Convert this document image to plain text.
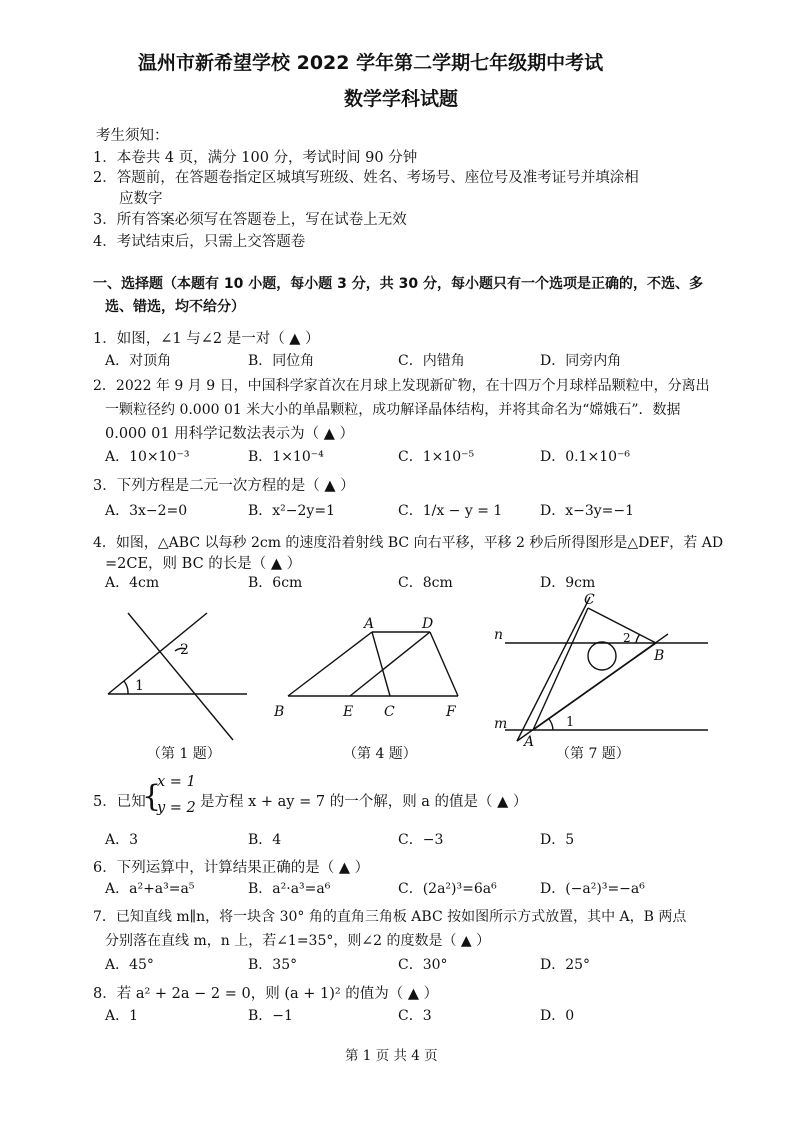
温州市新希望学校 2022 学年第二学期七年级期中考试
数学学科试题
考生须知：
1．本卷共 4 页，满分 100 分，考试时间 90 分钟
2．答题前，在答题卷指定区城填写班级、姓名、考场号、座位号及准考证号并填涂相
应数字
3．所有答案必须写在答题卷上，写在试卷上无效
4．考试结束后，只需上交答题卷
一、选择题（本题有 10 小题，每小题 3 分，共 30 分，每小题只有一个选项是正确的，不选、多
选、错选，均不给分）
1．如图，∠1 与∠2 是一对（ ▲ ）
A．对顶角	B．同位角	C．内错角	D．同旁内角
2．2022 年 9 月 9 日，中国科学家首次在月球上发现新矿物，在十四万个月球样品颗粒中，分离出
一颗粒径约 0.000 01 米大小的单晶颗粒，成功解译晶体结构，并将其命名为“嫦娥石”．数据
0.000 01 用科学记数法表示为（ ▲ ）
A．10×10⁻³	B．1×10⁻⁴	C．1×10⁻⁵	D．0.1×10⁻⁶
3．下列方程是二元一次方程的是（ ▲ ）
A．3x−2=0	B．x²−2y=1	C．1/x − y = 1	D．x−3y=−1
4．如图，△ABC 以每秒 2cm 的速度沿着射线 BC 向右平移，平移 2 秒后所得图形是△DEF，若 AD
=2CE，则 BC 的长是（ ▲ ）
A．4cm	B．6cm	C．8cm	D．9cm
1
2
（第 1 题）
A	D
B	E C	F
（第 4 题）
C
2
B
n
m
A
1
（第 7 题）
5．已知
{
x = 1
y = 2 是方程 x + ay = 7 的一个解，则 a 的值是（ ▲ ）
A．3	B．4	C．−3	D．5
6．下列运算中，计算结果正确的是（ ▲ ）
A．a²+a³=a⁵	B．a²·a³=a⁶	C．(2a²)³=6a⁶	D．(−a²)³=−a⁶
7．已知直线 m∥n，将一块含 30° 角的直角三角板 ABC 按如图所示方式放置，其中 A，B 两点
分别落在直线 m，n 上，若∠1=35°，则∠2 的度数是（ ▲ ）
A．45°	B．35°	C．30°	D．25°
8．若 a² + 2a − 2 = 0，则 (a + 1)² 的值为（ ▲ ）
A．1	B．−1	C．3	D．0
第 1 页 共 4 页
